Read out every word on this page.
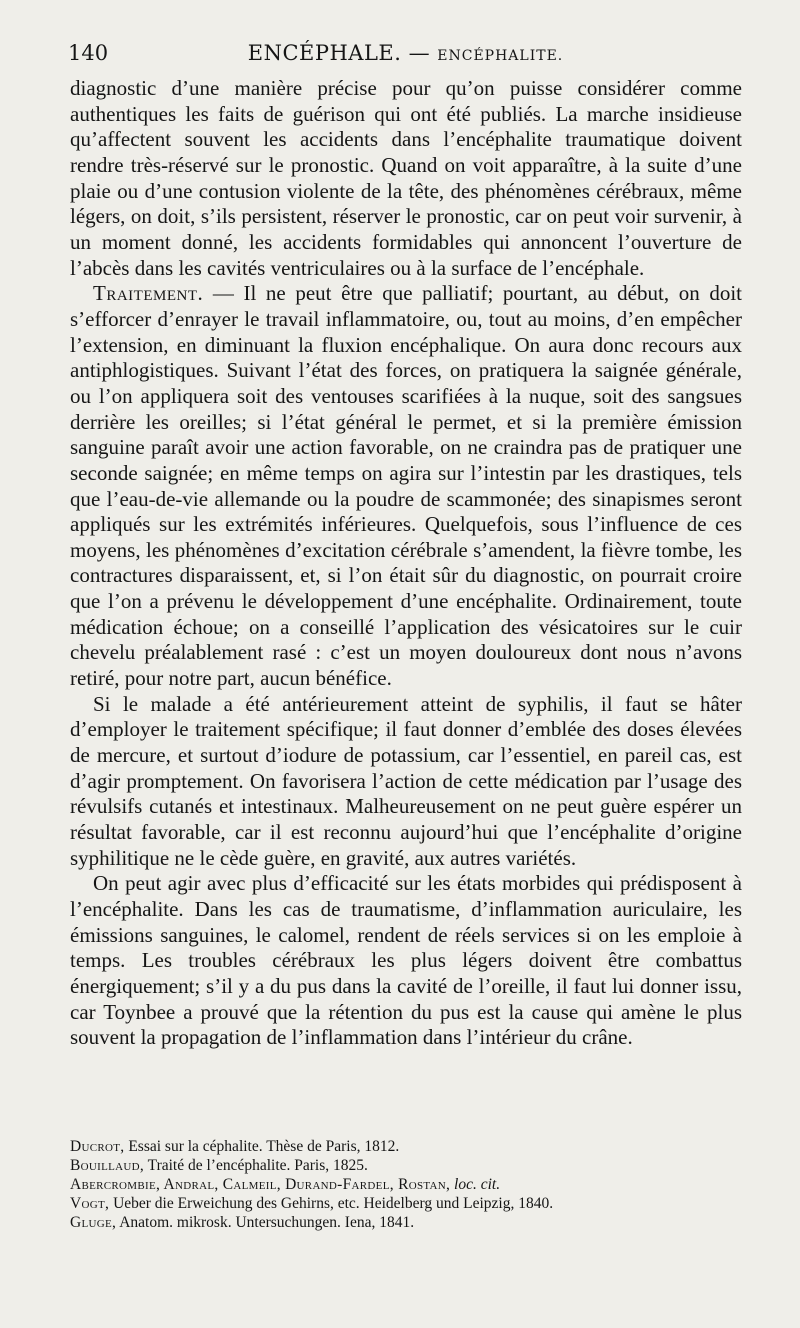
140	ENCÉPHALE. — ENCÉPHALITE.

diagnostic d’une manière précise pour qu’on puisse considérer comme authentiques les faits de guérison qui ont été publiés. La marche insidieuse qu’affectent souvent les accidents dans l’encéphalite traumatique doivent rendre très-réservé sur le pronostic. Quand on voit apparaître, à la suite d’une plaie ou d’une contusion violente de la tête, des phénomènes cérébraux, même légers, on doit, s’ils persistent, réserver le pronostic, car on peut voir survenir, à un moment donné, les accidents formidables qui annoncent l’ouverture de l’abcès dans les cavités ventriculaires ou à la surface de l’encéphale.

Traitement. — Il ne peut être que palliatif; pourtant, au début, on doit s’efforcer d’enrayer le travail inflammatoire, ou, tout au moins, d’en empêcher l’extension, en diminuant la fluxion encéphalique. On aura donc recours aux antiphlogistiques. Suivant l’état des forces, on pratiquera la saignée générale, ou l’on appliquera soit des ventouses scarifiées à la nuque, soit des sangsues derrière les oreilles; si l’état général le permet, et si la première émission sanguine paraît avoir une action favorable, on ne craindra pas de pratiquer une seconde saignée; en même temps on agira sur l’intestin par les drastiques, tels que l’eau-de-vie allemande ou la poudre de scammonée; des sinapismes seront appliqués sur les extrémités inférieures. Quelquefois, sous l’influence de ces moyens, les phénomènes d’excitation cérébrale s’amendent, la fièvre tombe, les contractures disparaissent, et, si l’on était sûr du diagnostic, on pourrait croire que l’on a prévenu le développement d’une encéphalite. Ordinairement, toute médication échoue; on a conseillé l’application des vésicatoires sur le cuir chevelu préalablement rasé : c’est un moyen douloureux dont nous n’avons retiré, pour notre part, aucun bénéfice.

Si le malade a été antérieurement atteint de syphilis, il faut se hâter d’employer le traitement spécifique; il faut donner d’emblée des doses élevées de mercure, et surtout d’iodure de potassium, car l’essentiel, en pareil cas, est d’agir promptement. On favorisera l’action de cette médication par l’usage des révulsifs cutanés et intestinaux. Malheureusement on ne peut guère espérer un résultat favorable, car il est reconnu aujourd’hui que l’encéphalite d’origine syphilitique ne le cède guère, en gravité, aux autres variétés.

On peut agir avec plus d’efficacité sur les états morbides qui prédisposent à l’encéphalite. Dans les cas de traumatisme, d’inflammation auriculaire, les émissions sanguines, le calomel, rendent de réels services si on les emploie à temps. Les troubles cérébraux les plus légers doivent être combattus énergiquement; s’il y a du pus dans la cavité de l’oreille, il faut lui donner issu, car Toynbee a prouvé que la rétention du pus est la cause qui amène le plus souvent la propagation de l’inflammation dans l’intérieur du crâne.

Ducrot, Essai sur la céphalite. Thèse de Paris, 1812.

Bouillaud, Traité de l’encéphalite. Paris, 1825.

Abercrombie, Andral, Calmeil, Durand-Fardel, Rostan, loc. cit.

Vogt, Ueber die Erweichung des Gehirns, etc. Heidelberg und Leipzig, 1840.

Gluge, Anatom. mikrosk. Untersuchungen. Iena, 1841.
